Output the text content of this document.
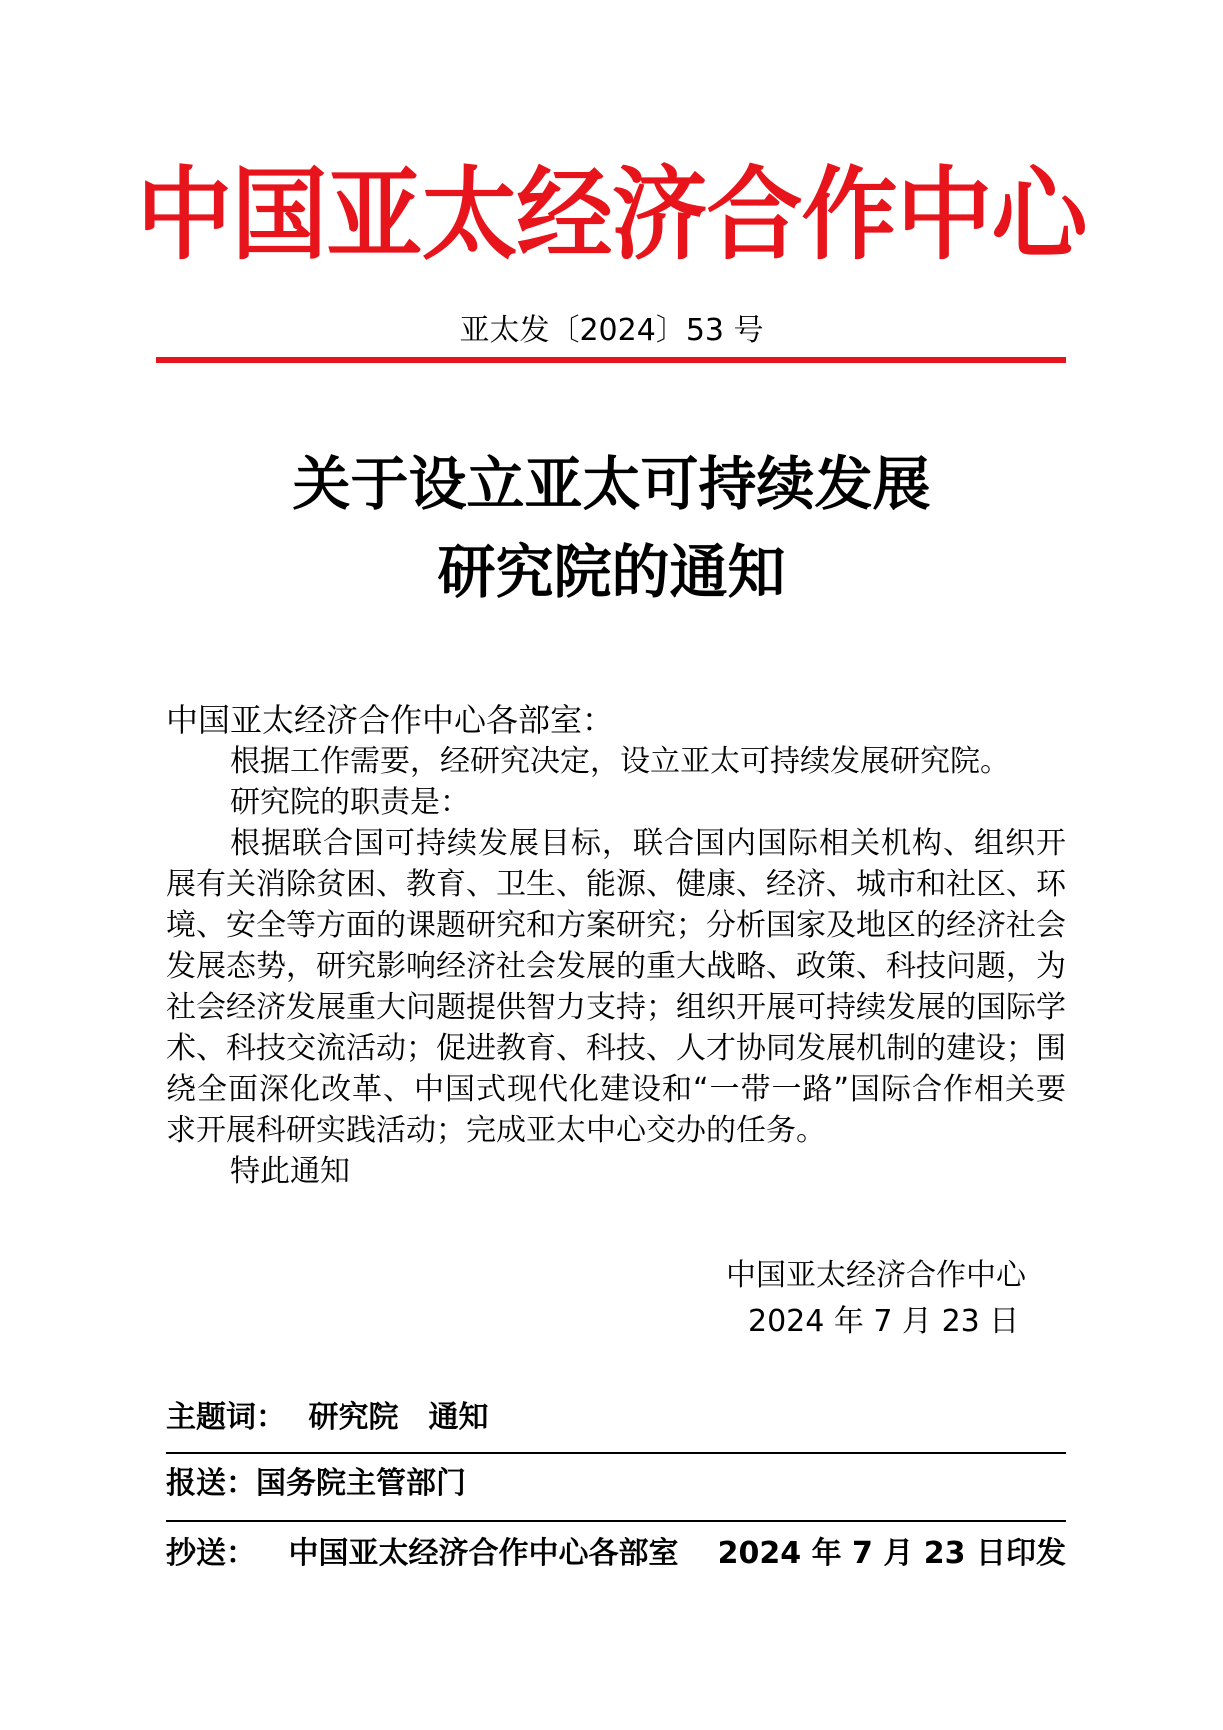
中国亚太经济合作中心
亚太发〔2024〕53 号
关于设立亚太可持续发展
研究院的通知
中国亚太经济合作中心各部室：
根据工作需要，经研究决定，设立亚太可持续发展研究院。
研究院的职责是：
根据联合国可持续发展目标，联合国内国际相关机构、组织开展有关消除贫困、教育、卫生、能源、健康、经济、城市和社区、环境、安全等方面的课题研究和方案研究；分析国家及地区的经济社会发展态势，研究影响经济社会发展的重大战略、政策、科技问题，为社会经济发展重大问题提供智力支持；组织开展可持续发展的国际学术、科技交流活动；促进教育、科技、人才协同发展机制的建设；围绕全面深化改革、中国式现代化建设和“一带一路”国际合作相关要求开展科研实践活动；完成亚太中心交办的任务。
特此通知
中国亚太经济合作中心
2024 年 7 月 23 日
主题词： 研究院　通知
报送：国务院主管部门
抄送： 中国亚太经济合作中心各部室 2024 年 7 月 23 日印发
